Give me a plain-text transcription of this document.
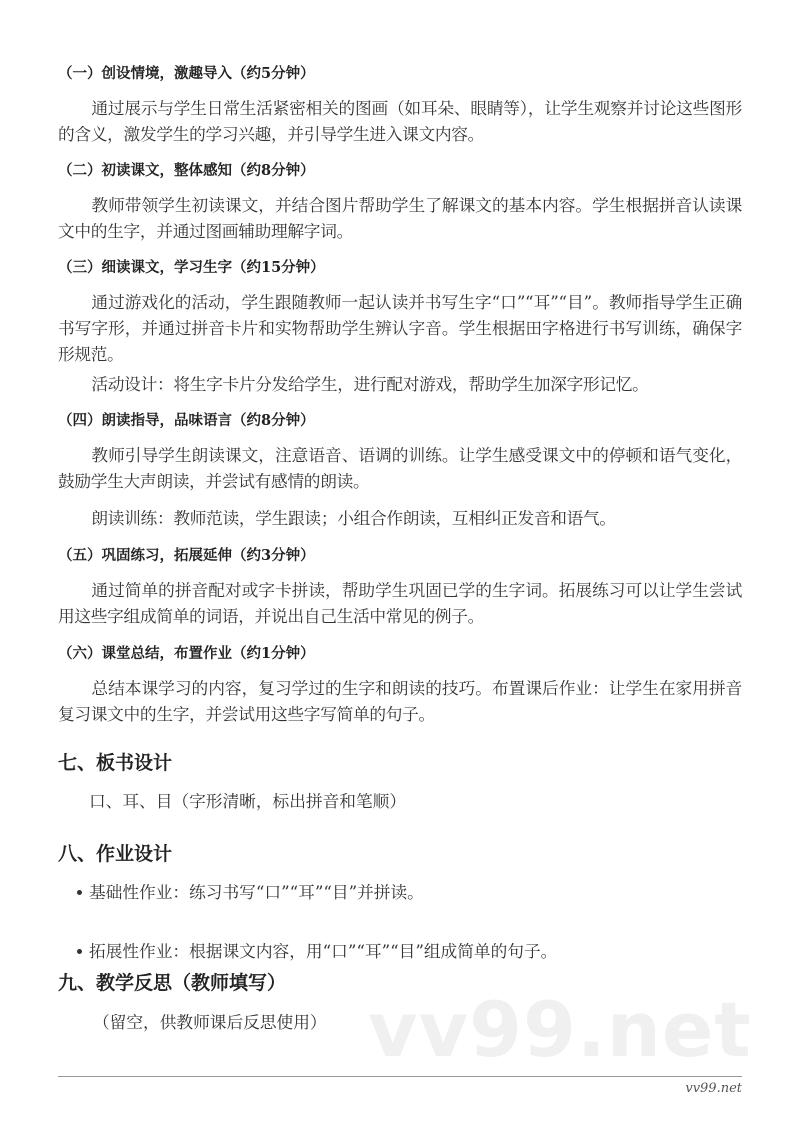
（一）创设情境，激趣导入（约5分钟）
通过展示与学生日常生活紧密相关的图画（如耳朵、眼睛等），让学生观察并讨论这些图形的含义，激发学生的学习兴趣，并引导学生进入课文内容。
（二）初读课文，整体感知（约8分钟）
教师带领学生初读课文，并结合图片帮助学生了解课文的基本内容。学生根据拼音认读课文中的生字，并通过图画辅助理解字词。
（三）细读课文，学习生字（约15分钟）
通过游戏化的活动，学生跟随教师一起认读并书写生字“口”“耳”“目”。教师指导学生正确书写字形，并通过拼音卡片和实物帮助学生辨认字音。学生根据田字格进行书写训练，确保字形规范。
活动设计：将生字卡片分发给学生，进行配对游戏，帮助学生加深字形记忆。
（四）朗读指导，品味语言（约8分钟）
教师引导学生朗读课文，注意语音、语调的训练。让学生感受课文中的停顿和语气变化，鼓励学生大声朗读，并尝试有感情的朗读。
朗读训练：教师范读，学生跟读；小组合作朗读，互相纠正发音和语气。
（五）巩固练习，拓展延伸（约3分钟）
通过简单的拼音配对或字卡拼读，帮助学生巩固已学的生字词。拓展练习可以让学生尝试用这些字组成简单的词语，并说出自己生活中常见的例子。
（六）课堂总结，布置作业（约1分钟）
总结本课学习的内容，复习学过的生字和朗读的技巧。布置课后作业：让学生在家用拼音复习课文中的生字，并尝试用这些字写简单的句子。
七、板书设计
口、耳、目（字形清晰，标出拼音和笔顺）
八、作业设计
基础性作业：练习书写“口”“耳”“目”并拼读。
拓展性作业：根据课文内容，用“口”“耳”“目”组成简单的句子。
九、教学反思（教师填写）
vv99.net
（留空，供教师课后反思使用）
vv99.net
